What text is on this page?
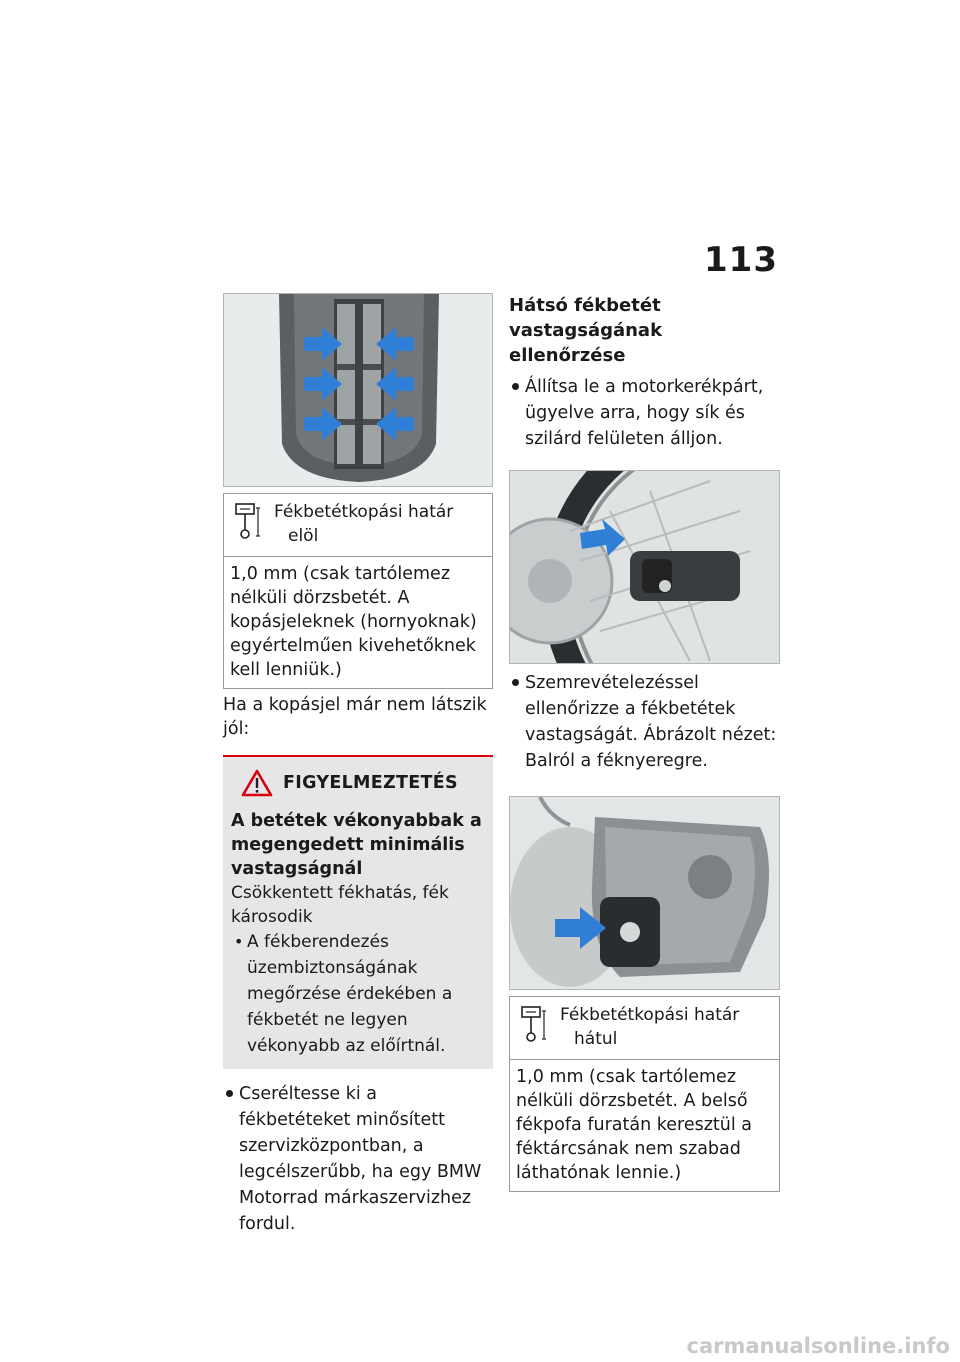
113
Fékbetétkopási határ
elöl
1,0 mm (csak tartólemez nélküli dörzsbetét. A kopásjeleknek (hornyoknak) egyértelműen kivehetőknek kell lenniük.)

Ha a kopásjel már nem látszik jól:

FIGYELMEZTETÉS

A betétek vékonyabbak a megengedett minimális vastagságnál

Csökkentett fékhatás, fék károsodik

• A fékberendezés üzembiztonságának megőrzése érdekében a fékbetét ne legyen vékonyabb az előírtnál.
Cseréltesse ki a fékbetéteket minősített szervizközpontban, a legcélszerűbb, ha egy BMW Motorrad márkaszervizhez fordul.
Hátsó fékbetét vastagságának ellenőrzése
Állítsa le a motorkerékpárt, ügyelve arra, hogy sík és szilárd felületen álljon.
Szemrevételezéssel ellenőrizze a fékbetétek vastagságát. Ábrázolt nézet: Balról a féknyeregre.
Fékbetétkopási határ
hátul
1,0 mm (csak tartólemez nélküli dörzsbetét. A belső fékpofa furatán keresztül a féktárcsának nem szabad láthatónak lennie.)
carmanualsonline.info
